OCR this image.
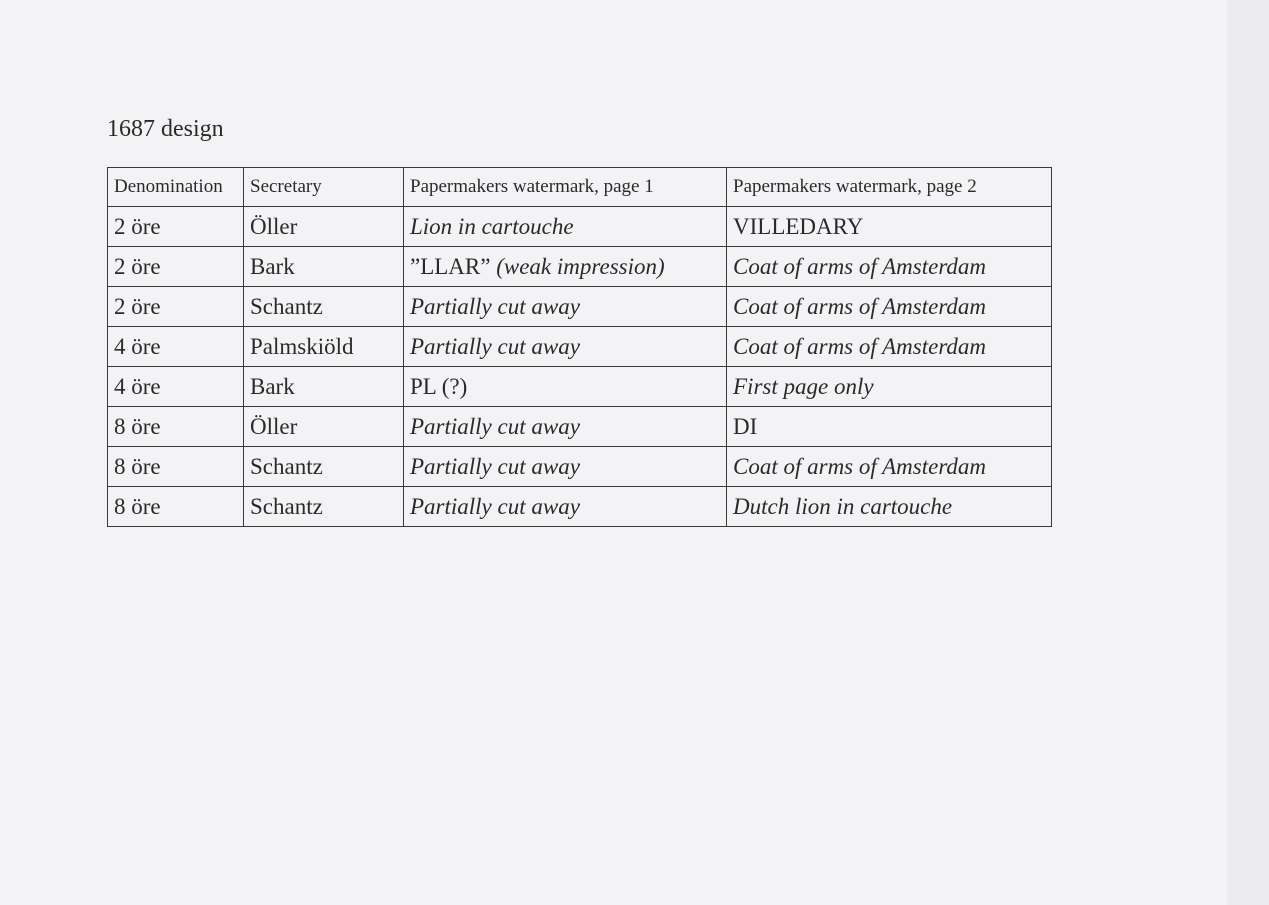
1687 design
Denomination	Secretary	Papermakers watermark, page 1	Papermakers watermark, page 2
2 öre	Öller	Lion in cartouche	VILLEDARY
2 öre	Bark	”LLAR” (weak impression)	Coat of arms of Amsterdam
2 öre	Schantz	Partially cut away	Coat of arms of Amsterdam
4 öre	Palmskiöld	Partially cut away	Coat of arms of Amsterdam
4 öre	Bark	PL (?)	First page only
8 öre	Öller	Partially cut away	DI
8 öre	Schantz	Partially cut away	Coat of arms of Amsterdam
8 öre	Schantz	Partially cut away	Dutch lion in cartouche
